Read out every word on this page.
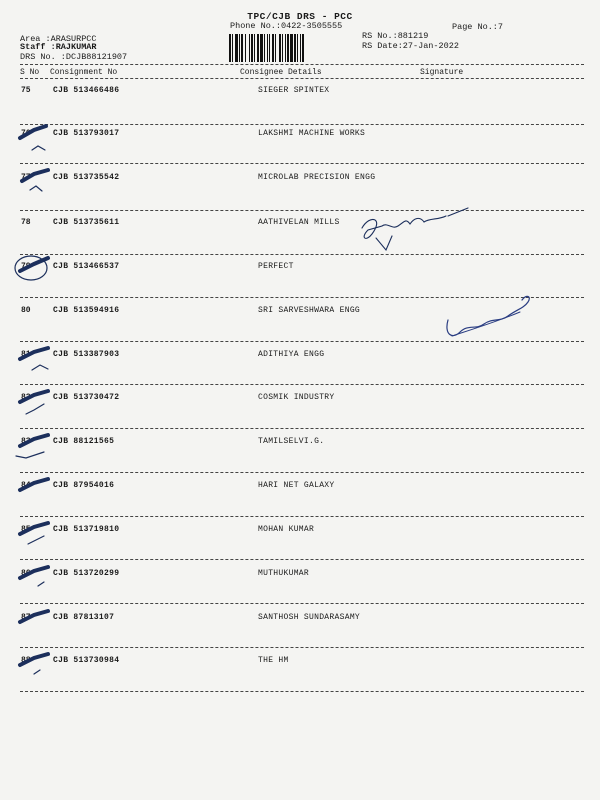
TPC/CJB DRS - PCC
Phone No.:0422-3505555	Page No.:7
Area :ARASURPCC
Staff :RAJKUMAR
DRS No. :DCJB88121907
RS No.:881219
RS Date:27-Jan-2022
S No Consignment No	Consignee Details	Signature
75	CJB 513466486	SIEGER SPINTEX
76	CJB 513793017	LAKSHMI MACHINE WORKS
77	CJB 513735542	MICROLAB PRECISION ENGG
78	CJB 513735611	AATHIVELAN MILLS
79	CJB 513466537	PERFECT
80	CJB 513594916	SRI SARVESHWARA ENGG
81	CJB 513387903	ADITHIYA ENGG
82	CJB 513730472	COSMIK INDUSTRY
83	CJB 88121565	TAMILSELVI.G.
84	CJB 87954016	HARI NET GALAXY
85	CJB 513719810	MOHAN KUMAR
86	CJB 513720299	MUTHUKUMAR
87	CJB 87813107	SANTHOSH SUNDARASAMY
88	CJB 513730984	THE HM
